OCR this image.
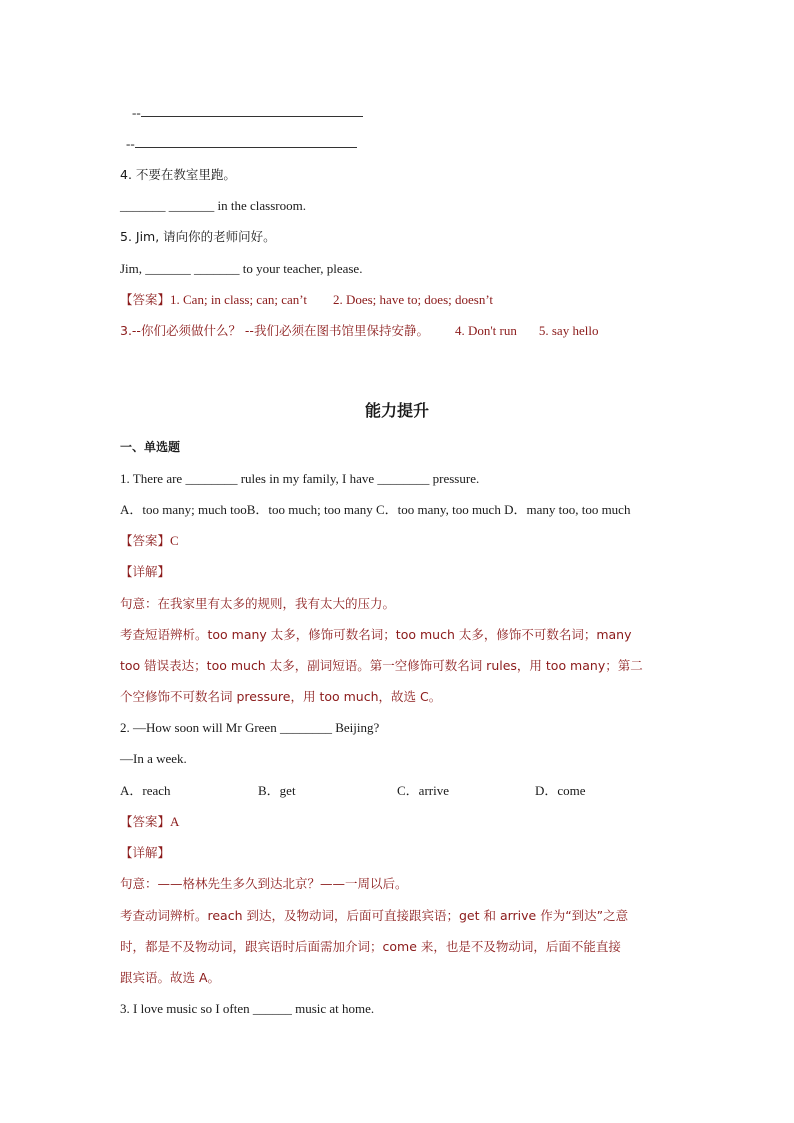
--
--
4. 不要在教室里跑。
_______ _______ in the classroom.
5. Jim, 请向你的老师问好。
Jim, _______ _______ to your teacher, please.
【答案】1. Can; in class; can; can’t 2. Does; have to; does; doesn’t
3.--你们必须做什么？ --我们必须在图书馆里保持安静。 4. Don't run 5. say hello
能力提升
一、单选题
1. There are ________ rules in my family, I have ________ pressure.
A．too many; much tooB．too much; too many C．too many, too much D．many too, too much
【答案】C
【详解】
句意：在我家里有太多的规则，我有太大的压力。
考查短语辨析。too many 太多，修饰可数名词；too much 太多，修饰不可数名词；many
too 错误表达；too much 太多，副词短语。第一空修饰可数名词 rules，用 too many；第二
个空修饰不可数名词 pressure，用 too much，故选 C。
2. —How soon will Mr Green ________ Beijing?
—In a week.
A．reach	B．get	C．arrive	D．come
【答案】A
【详解】
句意：——格林先生多久到达北京？——一周以后。
考查动词辨析。reach 到达，及物动词，后面可直接跟宾语；get 和 arrive 作为“到达”之意
时，都是不及物动词，跟宾语时后面需加介词；come 来，也是不及物动词，后面不能直接
跟宾语。故选 A。
3. I love music so I often ______ music at home.
